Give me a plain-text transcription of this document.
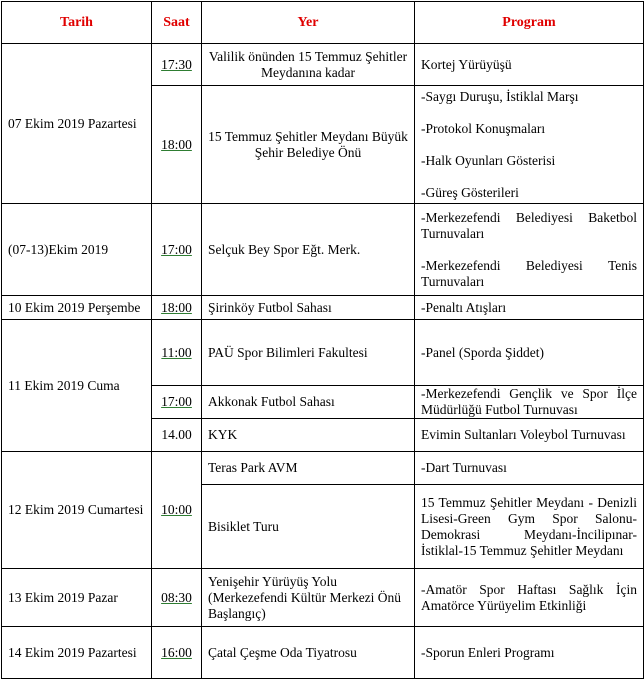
Tarih	Saat	Yer	Program
07 Ekim 2019 Pazartesi	17:30	Valilik önünden 15 Temmuz Şehitler Meydanına kadar	Kortej Yürüyüşü
	18:00	15 Temmuz Şehitler Meydanı Büyük Şehir Belediye Önü	-Saygı Duruşu, İstiklal Marşı
-Protokol Konuşmaları
-Halk Oyunları Gösterisi
-Güreş Gösterileri

(07-13)Ekim 2019	17:00	Selçuk Bey Spor Eğt. Merk.	-Merkezefendi Belediyesi Baketbol Turnuvaları
-Merkezefendi Belediyesi Tenis Turnuvaları

10 Ekim 2019 Perşembe	18:00	Şirinköy Futbol Sahası	-Penaltı Atışları
11 Ekim 2019 Cuma	11:00	PAÜ Spor Bilimleri Fakultesi	-Panel (Sporda Şiddet)
	17:00	Akkonak Futbol Sahası	-Merkezefendi Gençlik ve Spor İlçe Müdürlüğü Futbol Turnuvası
	14.00	KYK	Evimin Sultanları Voleybol Turnuvası
12 Ekim 2019 Cumartesi	10:00	Teras Park AVM	-Dart Turnuvası
		Bisiklet Turu	15 Temmuz Şehitler Meydanı - Denizli Lisesi-Green Gym Spor Salonu-Demokrasi Meydanı-İncilipınar-İstiklal-15 Temmuz Şehitler Meydanı
13 Ekim 2019 Pazar	08:30	Yenişehir Yürüyüş Yolu (Merkezefendi Kültür Merkezi Önü Başlangıç)	-Amatör Spor Haftası Sağlık İçin Amatörce Yürüyelim Etkinliği
14 Ekim 2019 Pazartesi	16:00	Çatal Çeşme Oda Tiyatrosu	-Sporun Enleri Programı
